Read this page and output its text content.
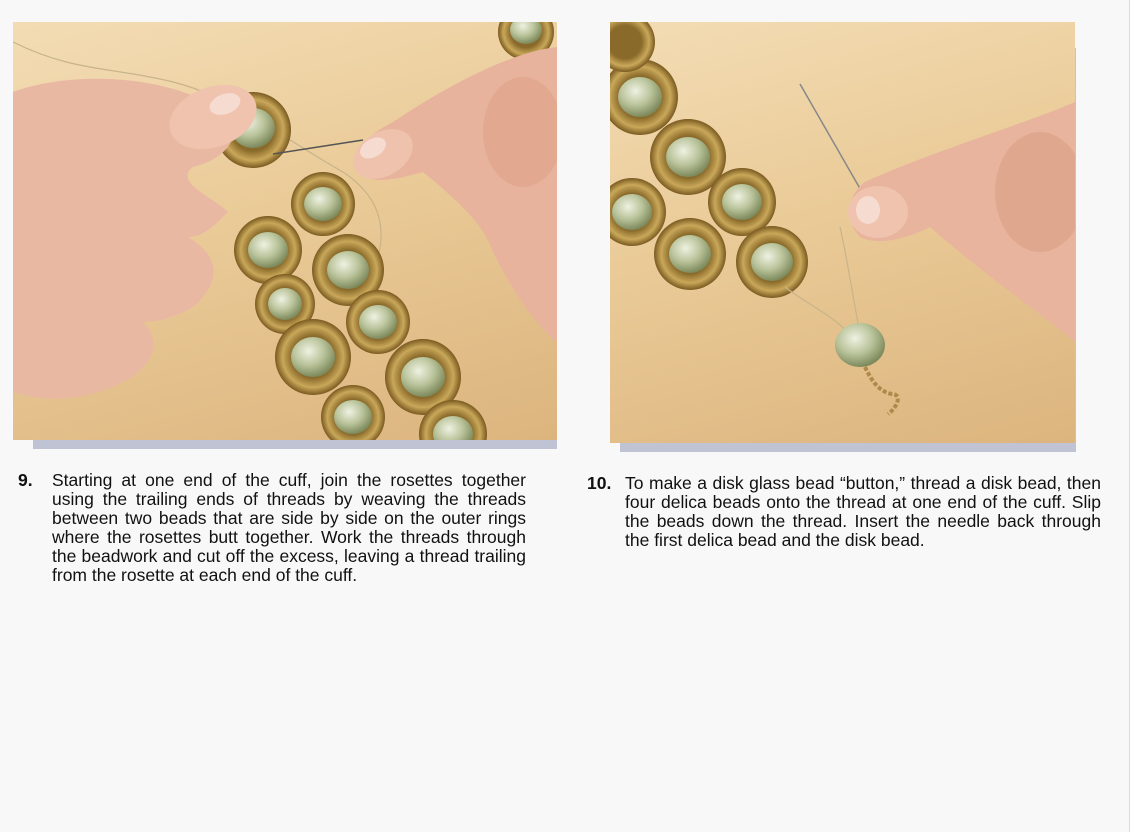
9. Starting at one end of the cuff, join the rosettes together using the trailing ends of threads by weaving the threads between two beads that are side by side on the outer rings where the rosettes butt together. Work the threads through the beadwork and cut off the excess, leaving a thread trailing from the rosette at each end of the cuff.
10. To make a disk glass bead “button,” thread a disk bead, then four delica beads onto the thread at one end of the cuff. Slip the beads down the thread. Insert the needle back through the first delica bead and the disk bead.
